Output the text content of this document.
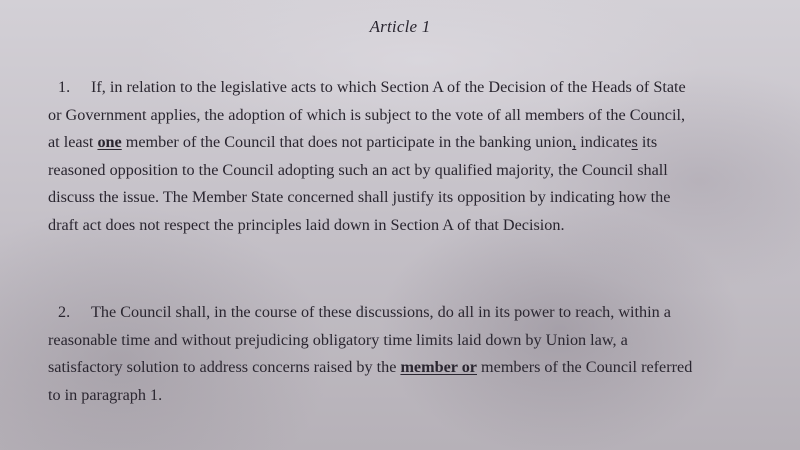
Article 1
1. If, in relation to the legislative acts to which Section A of the Decision of the Heads of State
or Government applies, the adoption of which is subject to the vote of all members of the Council,
at least one member of the Council that does not participate in the banking union, indicates its
reasoned opposition to the Council adopting such an act by qualified majority, the Council shall
discuss the issue. The Member State concerned shall justify its opposition by indicating how the
draft act does not respect the principles laid down in Section A of that Decision.
2. The Council shall, in the course of these discussions, do all in its power to reach, within a
reasonable time and without prejudicing obligatory time limits laid down by Union law, a
satisfactory solution to address concerns raised by the member or members of the Council referred
to in paragraph 1.
